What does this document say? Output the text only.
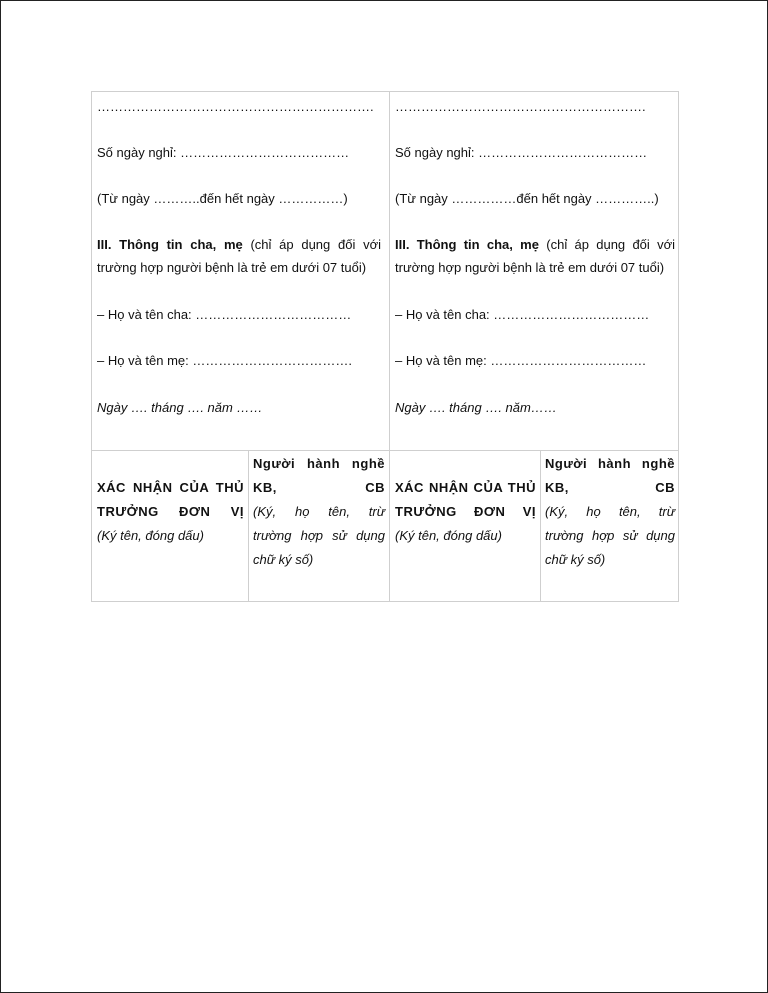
……………………………………………………….
Số ngày nghỉ: …………………………………
(Từ ngày ………..đến hết ngày ……………)
III. Thông tin cha, mẹ (chỉ áp dụng đối với
trường hợp người bệnh là trẻ em dưới 07 tuổi)
– Họ và tên cha: ………………………………
– Họ và tên mẹ: ……………………………….
Ngày …. tháng …. năm ……
………………………………………………….
Số ngày nghỉ: …………………………………
(Từ ngày ……………đến hết ngày …………..)
III. Thông tin cha, mẹ (chỉ áp dụng đối với
trường hợp người bệnh là trẻ em dưới 07 tuổi)
– Họ và tên cha: ………………………………
– Họ và tên mẹ: ………………………………
Ngày …. tháng …. năm……
XÁC NHẬN CỦA THỦ
TRƯỞNG ĐƠN VỊ
(Ký tên, đóng dấu)
Người hành nghề
KB, CB
(Ký, họ tên, trừ
trường hợp sử dụng
chữ ký số)
XÁC NHẬN CỦA THỦ
TRƯỞNG ĐƠN VỊ
(Ký tên, đóng dấu)
Người hành nghề
KB, CB
(Ký, họ tên, trừ
trường hợp sử dụng
chữ ký số)
